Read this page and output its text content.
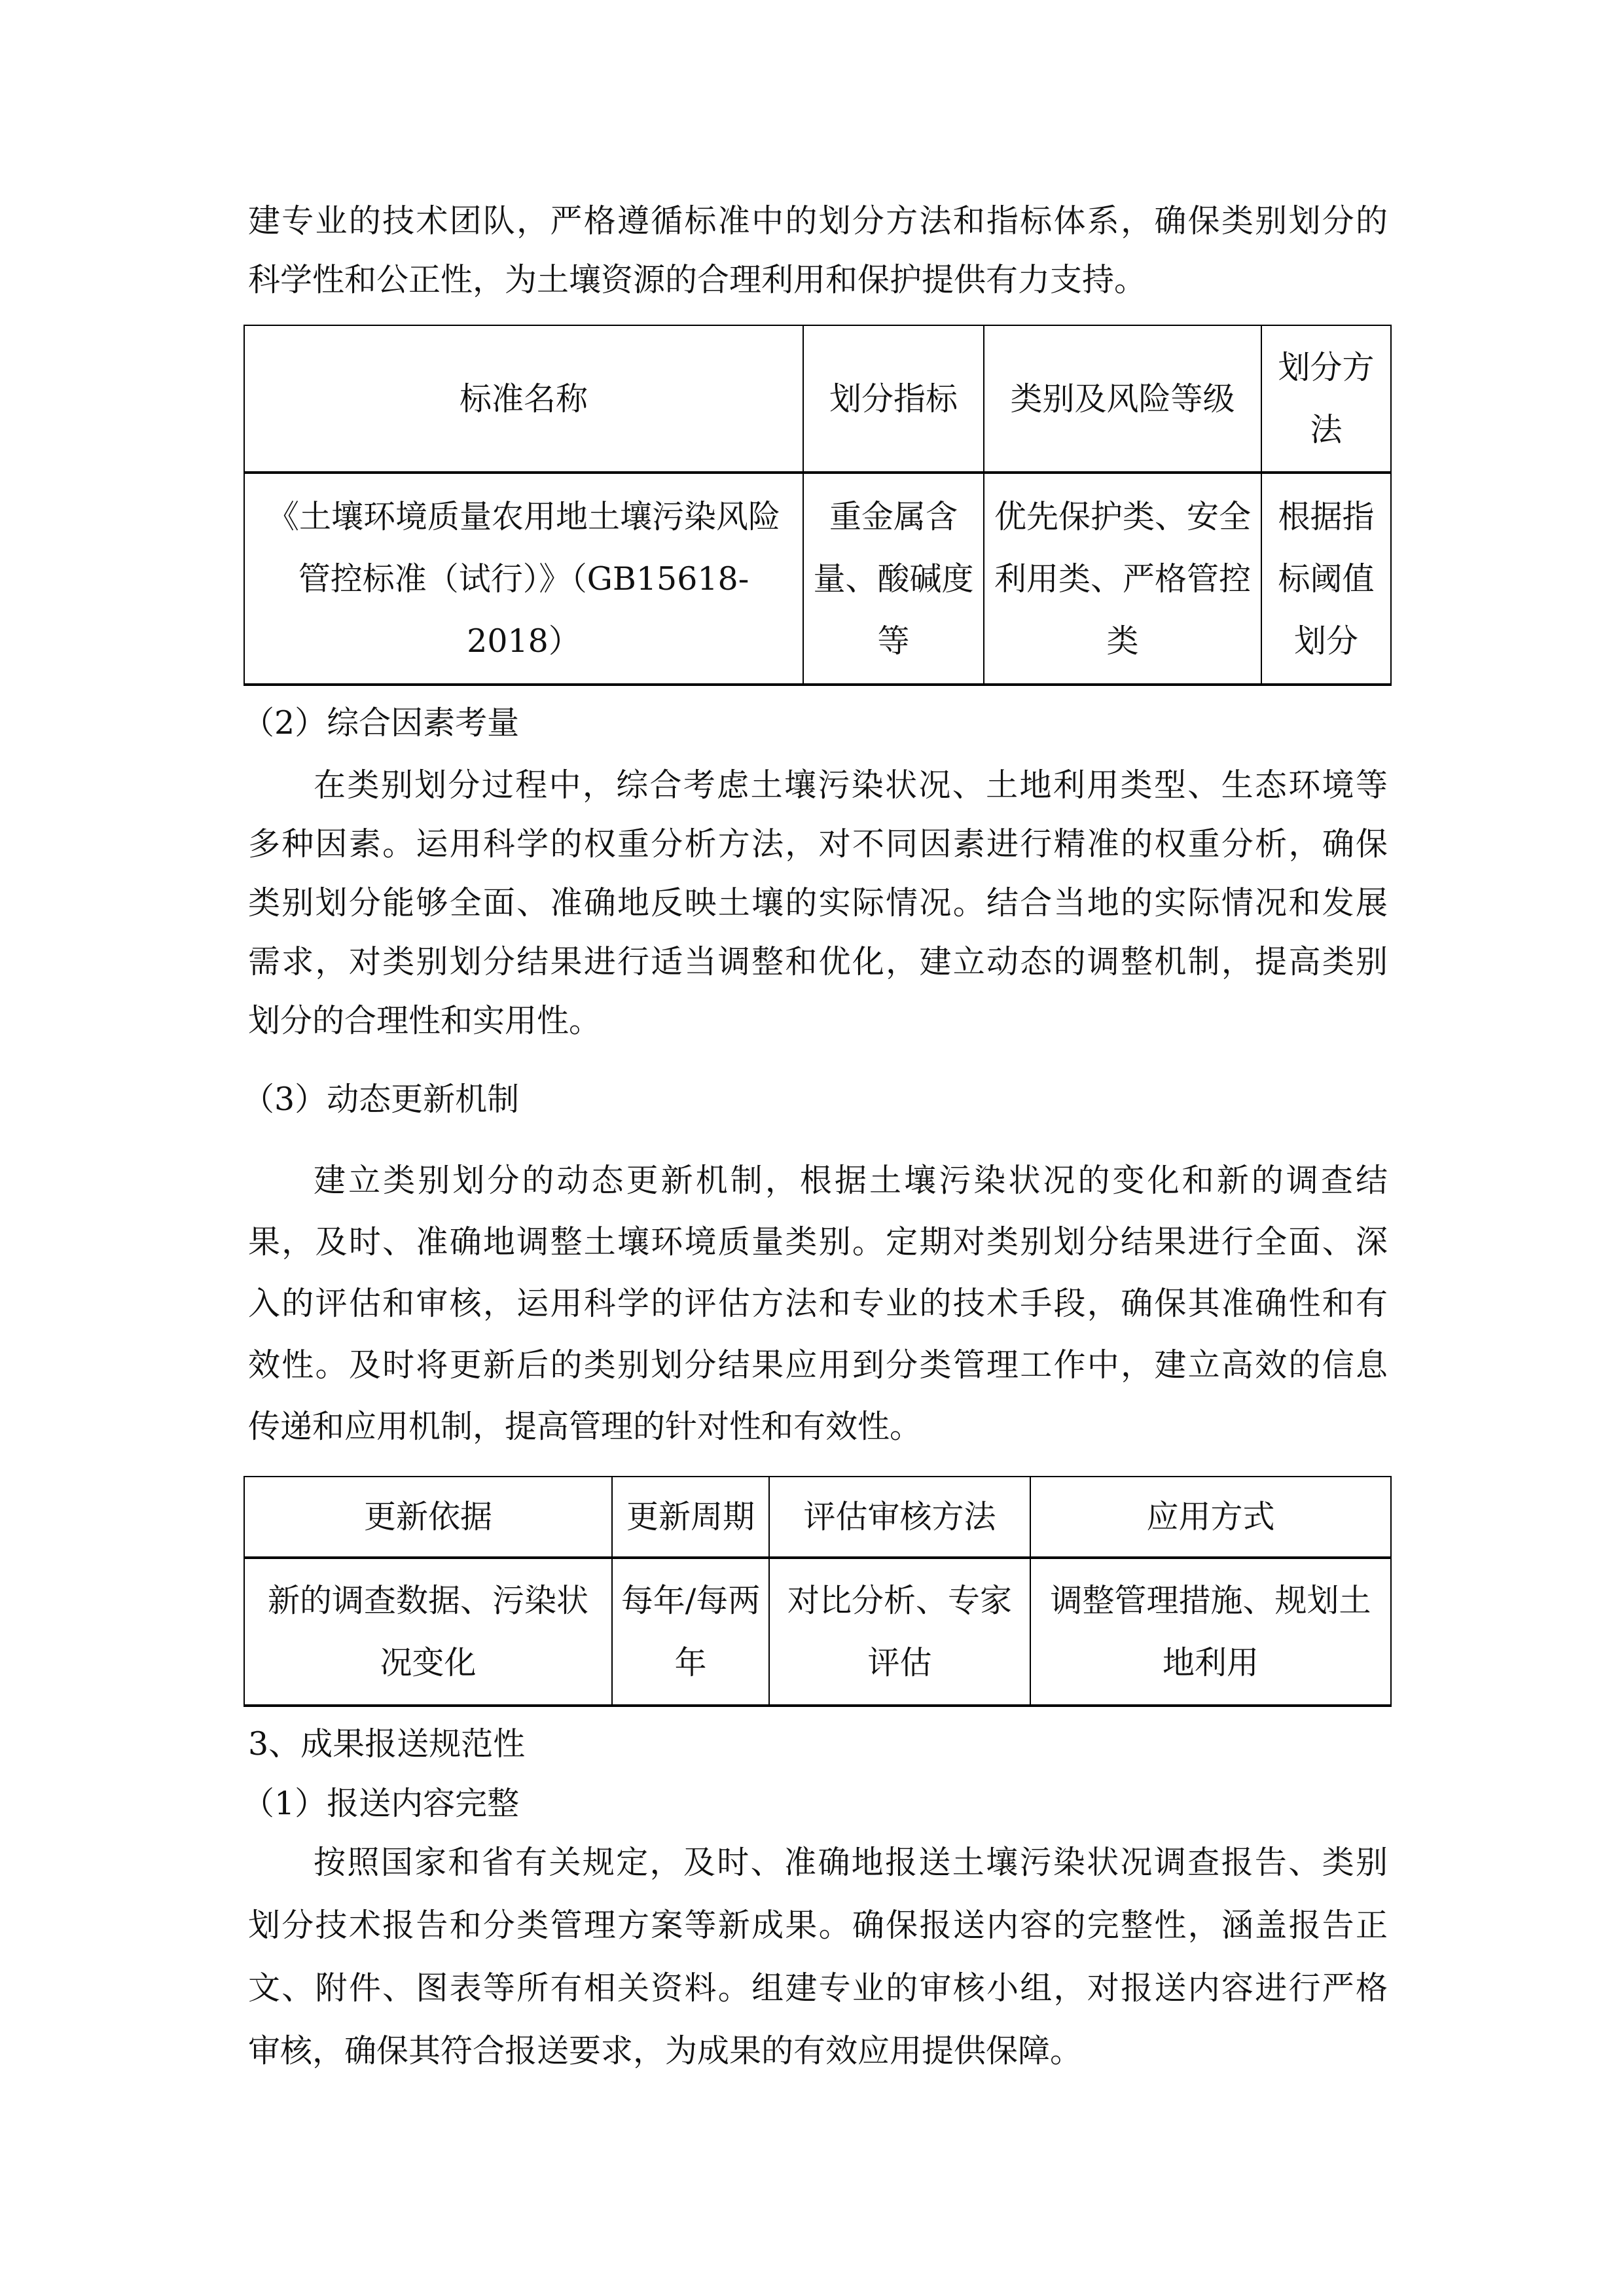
建专业的技术团队，严格遵循标准中的划分方法和指标体系，确保类别划分的
科学性和公正性，为土壤资源的合理利用和保护提供有力支持。
标准名称	划分指标	类别及风险等级	划分方
法
《土壤环境质量农用地土壤污染风险
管控标准（试行）》（GB15618-
2018）	重金属含
量、酸碱度
等	优先保护类、安全
利用类、严格管控
类	根据指
标阈值
划分
（2）综合因素考量
在类别划分过程中，综合考虑土壤污染状况、土地利用类型、生态环境等
多种因素。运用科学的权重分析方法，对不同因素进行精准的权重分析，确保
类别划分能够全面、准确地反映土壤的实际情况。结合当地的实际情况和发展
需求，对类别划分结果进行适当调整和优化，建立动态的调整机制，提高类别
划分的合理性和实用性。
（3）动态更新机制
建立类别划分的动态更新机制，根据土壤污染状况的变化和新的调查结
果，及时、准确地调整土壤环境质量类别。定期对类别划分结果进行全面、深
入的评估和审核，运用科学的评估方法和专业的技术手段，确保其准确性和有
效性。及时将更新后的类别划分结果应用到分类管理工作中，建立高效的信息
传递和应用机制，提高管理的针对性和有效性。
更新依据	更新周期	评估审核方法	应用方式
新的调查数据、污染状
况变化	每年/每两
年	对比分析、专家
评估	调整管理措施、规划土
地利用
3、成果报送规范性
（1）报送内容完整
按照国家和省有关规定，及时、准确地报送土壤污染状况调查报告、类别
划分技术报告和分类管理方案等新成果。确保报送内容的完整性，涵盖报告正
文、附件、图表等所有相关资料。组建专业的审核小组，对报送内容进行严格
审核，确保其符合报送要求，为成果的有效应用提供保障。
